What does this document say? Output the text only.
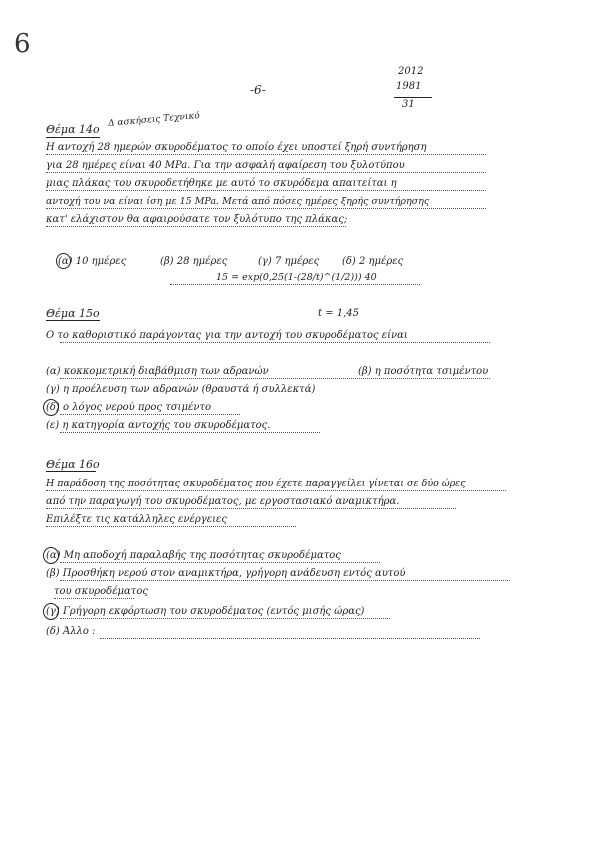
6
-6-
2012
1981
31
Θέμα 14ο
Δ ασκήσεις Τεχνικό
Η αντοχή 28 ημερών σκυροδέματος το οποίο έχει υποστεί ξηρή συντήρηση
για 28 ημέρες είναι 40 MPa. Για την ασφαλή αφαίρεση του ξυλοτύπου
μιας πλάκας του σκυροδετήθηκε με αυτό το σκυρόδεμα απαιτείται η
αντοχή του να είναι ίση με 15 MPa. Μετά από πόσες ημέρες ξηρής συντήρησης
κατ' ελάχιστον θα αφαιρούσατε τον ξυλότυπο της πλάκας;
(α) 10 ημέρες	(β) 28 ημέρες	(γ) 7 ημέρες (δ) 2 ημέρες
15 = exp(0,25(1-(28/t)^(1/2))) 40
Θέμα 15ο	t = 1,45
Ο το καθοριστικό παράγοντας για την αντοχή του σκυροδέματος είναι
(α) κοκκομετρική διαβάθμιση των αδρανών	(β) η ποσότητα τσιμέντου
(γ) η προέλευση των αδρανών (θραυστά ή συλλεκτά)
(δ) ο λόγος νερού προς τσιμέντο
(ε) η κατηγορία αντοχής του σκυροδέματος.
Θέμα 16ο
Η παράδοση της ποσότητας σκυροδέματος που έχετε παραγγείλει γίνεται σε δύο ώρες
από την παραγωγή του σκυροδέματος, με εργοστασιακό αναμικτήρα.
Επιλέξτε τις κατάλληλες ενέργειες
(α) Μη αποδοχή παραλαβής της ποσότητας σκυροδέματος
(β) Προσθήκη νερού στον αναμικτήρα, γρήγορη ανάδευση εντός αυτού
του σκυροδέματος
(γ) Γρήγορη εκφόρτωση του σκυροδέματος (εντός μισής ώρας)
(δ) Άλλο :
